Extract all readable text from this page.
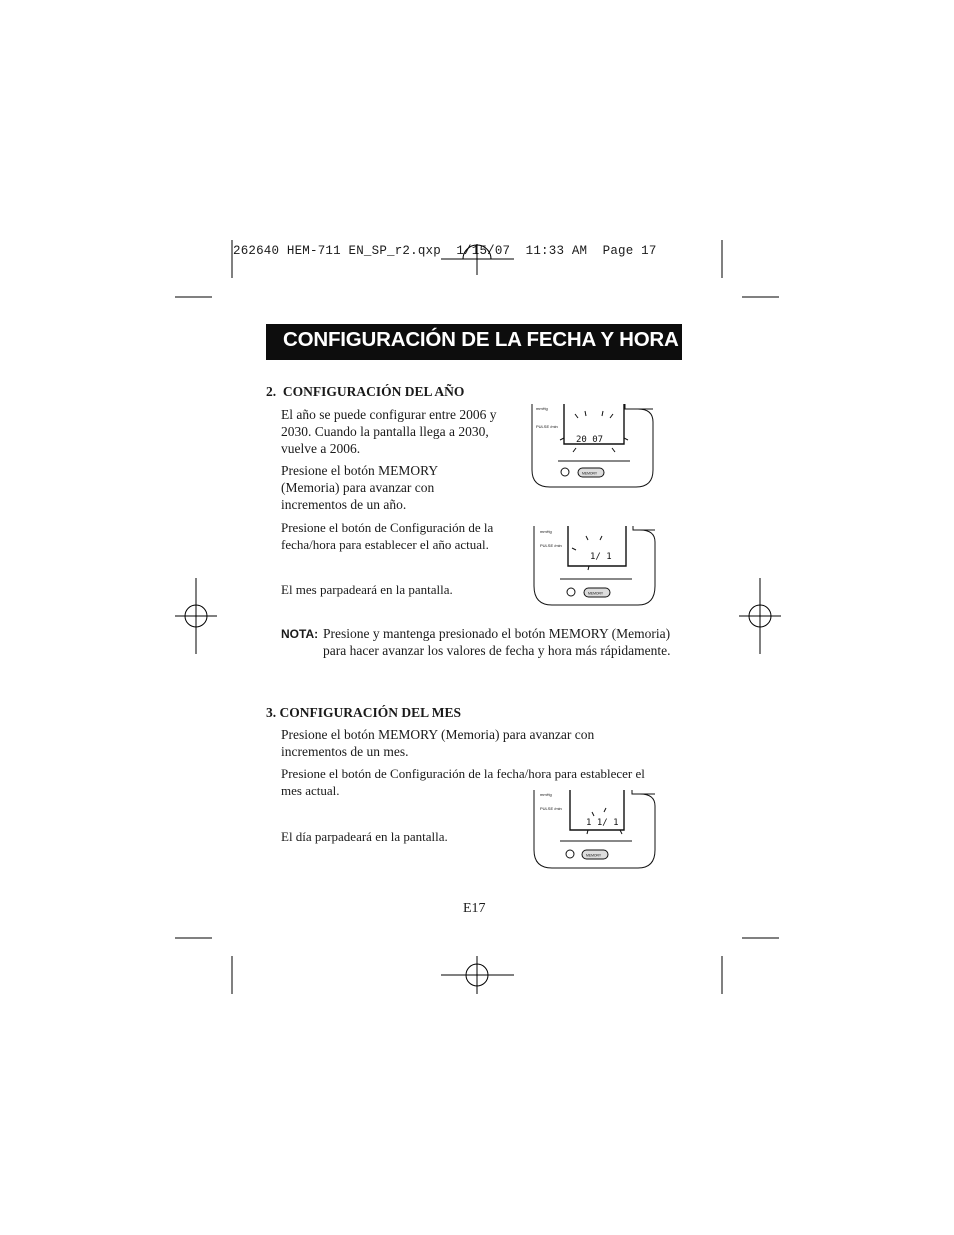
262640 HEM-711 EN_SP_r2.qxp  1/15/07  11:33 AM  Page 17
CONFIGURACIÓN DE LA FECHA Y HORA
2.  CONFIGURACIÓN DEL AÑO
El año se puede configurar entre 2006 y 2030. Cuando la pantalla llega a 2030, vuelve a 2006.
Presione el botón MEMORY (Memoria) para avanzar con incrementos de un año.
Presione el botón de Configuración de la fecha/hora para establecer el año actual.
El mes parpadeará en la pantalla.
NOTA: Presione y mantenga presionado el botón MEMORY (Memoria) para hacer avanzar los valores de fecha y hora más rápidamente.
3. CONFIGURACIÓN DEL MES
Presione el botón MEMORY (Memoria) para avanzar con incrementos de un mes.
Presione el botón de Configuración de la fecha/hora para establecer el mes actual.
El día parpadeará en la pantalla.
mmHg
PULSE /min
20 07
MEMORY
mmHg
PULSE /min
1/ 1
MEMORY
mmHg
PULSE /min
1 1/ 1
MEMORY
E17
